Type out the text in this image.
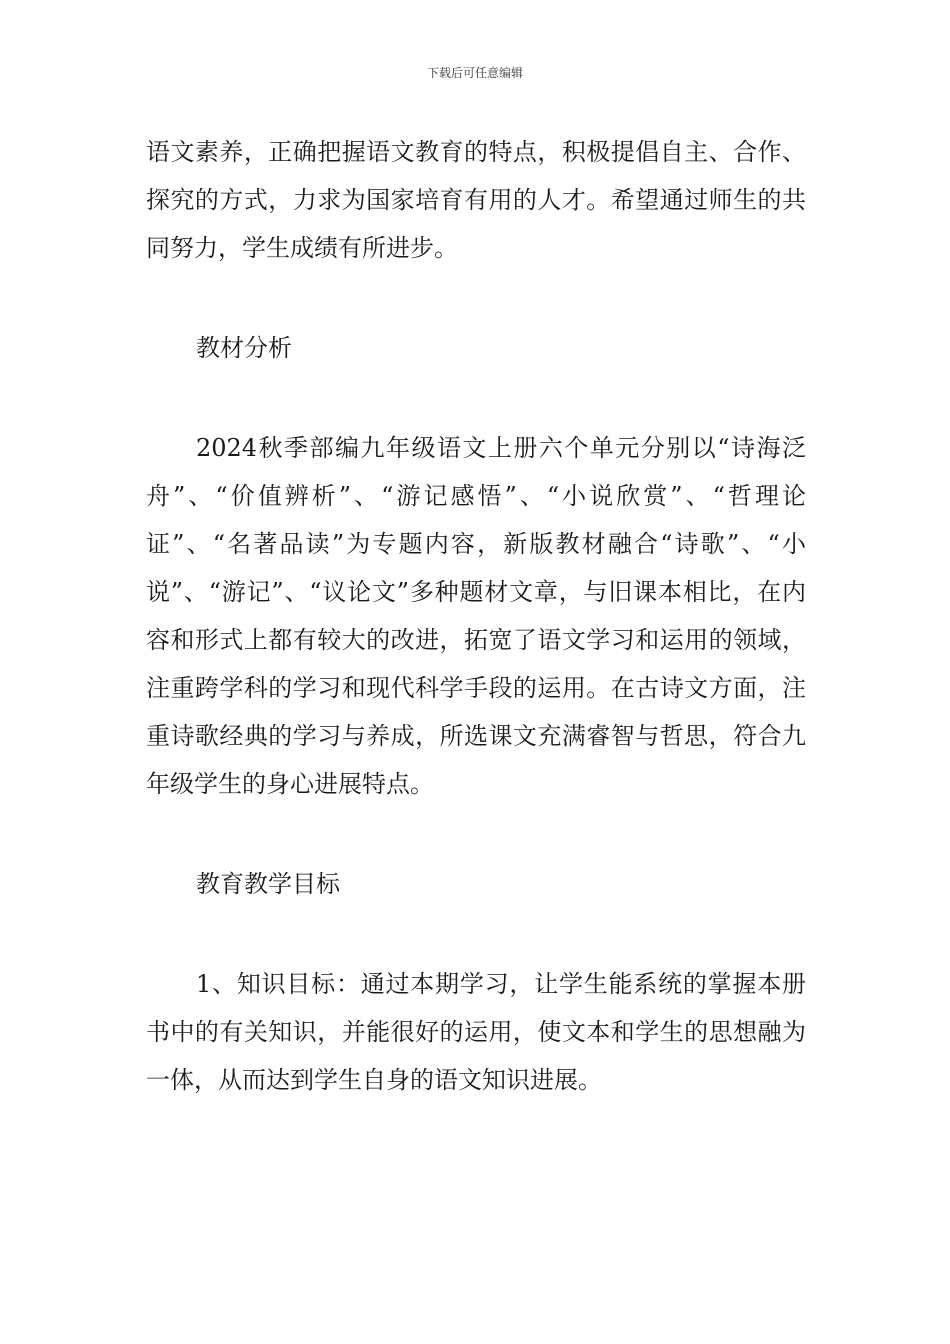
下载后可任意编辑

语文素养，正确把握语文教育的特点，积极提倡自主、合作、探究的方式，力求为国家培育有用的人才。希望通过师生的共同努力，学生成绩有所进步。

教材分析

2024秋季部编九年级语文上册六个单元分别以“诗海泛舟”、“价值辨析”、“游记感悟”、“小说欣赏”、“哲理论证”、“名著品读”为专题内容，新版教材融合“诗歌”、“小说”、“游记”、“议论文”多种题材文章，与旧课本相比，在内容和形式上都有较大的改进，拓宽了语文学习和运用的领域，注重跨学科的学习和现代科学手段的运用。在古诗文方面，注重诗歌经典的学习与养成，所选课文充满睿智与哲思，符合九年级学生的身心进展特点。

教育教学目标

1、知识目标：通过本期学习，让学生能系统的掌握本册书中的有关知识，并能很好的运用，使文本和学生的思想融为一体，从而达到学生自身的语文知识进展。
